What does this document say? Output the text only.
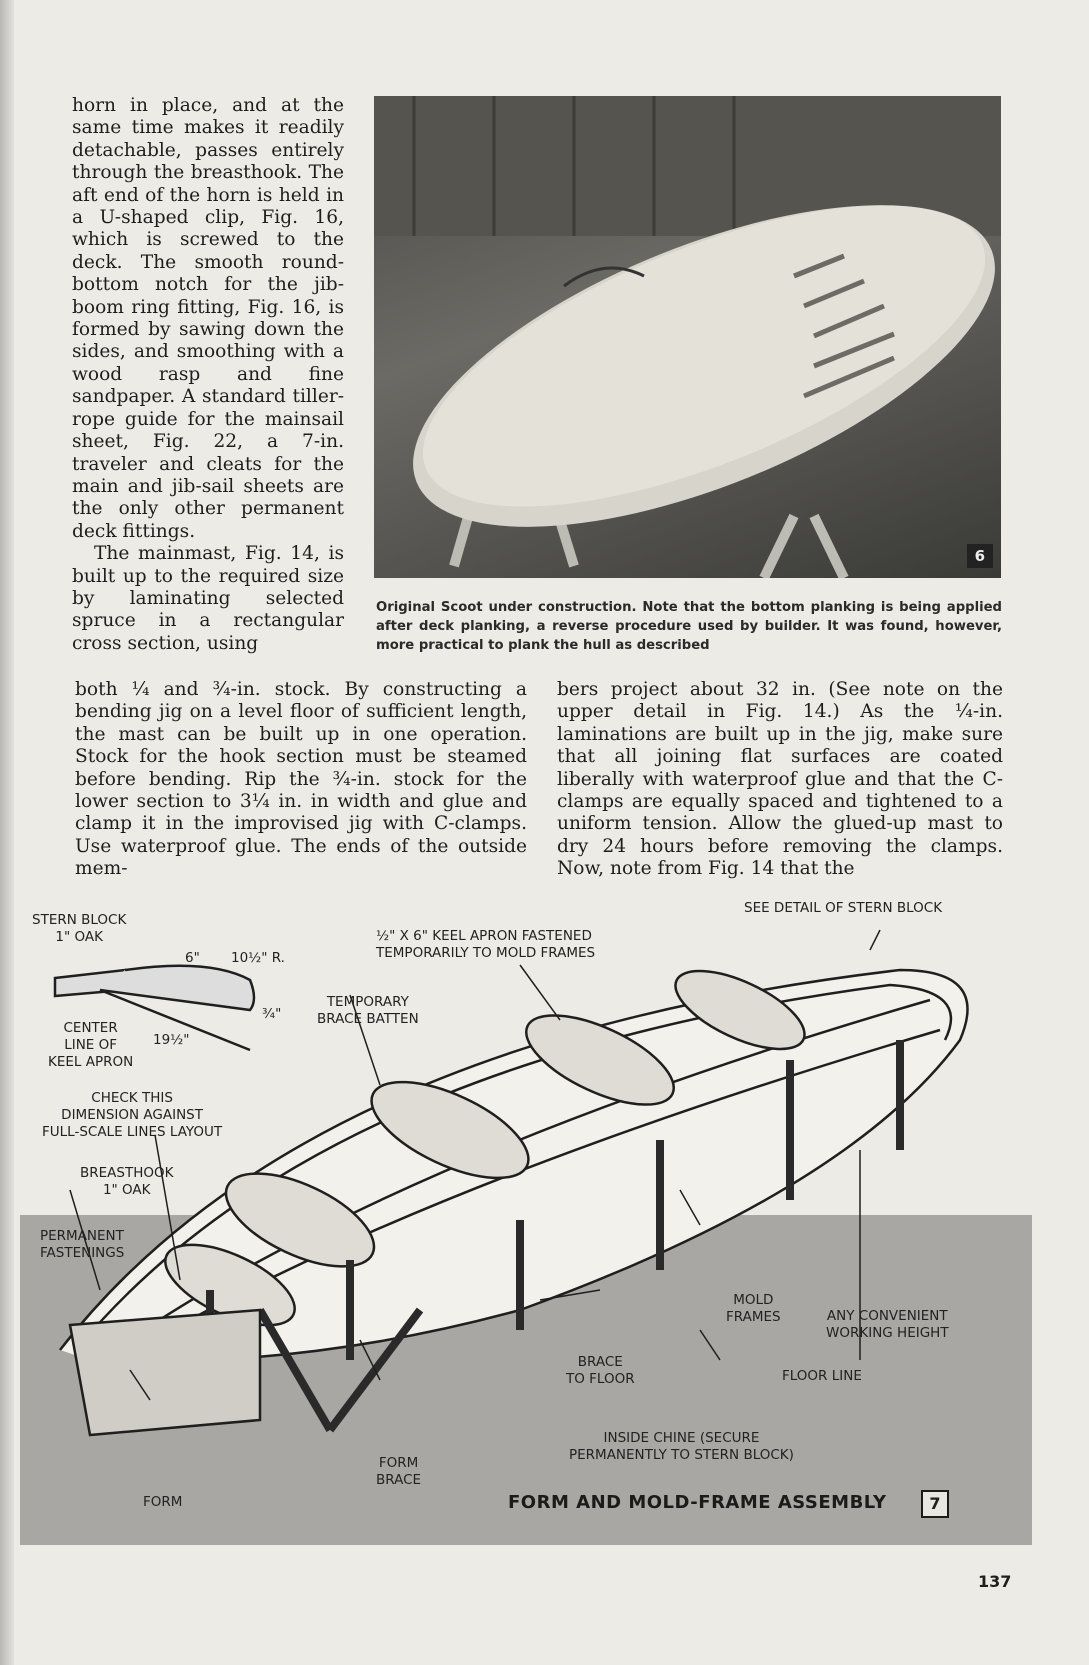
horn in place, and at the same time makes it readily detachable, passes entirely through the breasthook. The aft end of the horn is held in a U-shaped clip, Fig. 16, which is screwed to the deck. The smooth round-bottom notch for the jib-boom ring fitting, Fig. 16, is formed by sawing down the sides, and smoothing with a wood rasp and fine sandpaper. A standard tiller-rope guide for the mainsail sheet, Fig. 22, a 7-in. traveler and cleats for the main and jib-sail sheets are the only other permanent deck fittings.

The mainmast, Fig. 14, is built up to the required size by laminating selected spruce in a rectangular cross section, using

6

Original Scoot under construction. Note that the bottom planking is being applied after deck planking, a reverse procedure used by builder. It was found, however, more practical to plank the hull as described

both ¼ and ¾-in. stock. By constructing a bending jig on a level floor of sufficient length, the mast can be built up in one operation. Stock for the hook section must be steamed before bending. Rip the ¾-in. stock for the lower section to 3¼ in. in width and glue and clamp it in the improvised jig with C-clamps. Use waterproof glue. The ends of the outside mem-

bers project about 32 in. (See note on the upper detail in Fig. 14.) As the ¼-in. laminations are built up in the jig, make sure that all joining flat surfaces are coated liberally with waterproof glue and that the C-clamps are equally spaced and tightened to a uniform tension. Allow the glued-up mast to dry 24 hours before removing the clamps. Now, note from Fig. 14 that the

STERN BLOCK
1" OAK
6" 10½" R.
¾"
19½"
CENTER
LINE OF
KEEL APRON
CHECK THIS
DIMENSION AGAINST
FULL-SCALE LINES LAYOUT
BREASTHOOK
1" OAK
PERMANENT
FASTENINGS
½" X 6" KEEL APRON FASTENED
TEMPORARILY TO MOLD FRAMES
TEMPORARY
BRACE BATTEN
SEE DETAIL OF STERN BLOCK
MOLD
FRAMES	ANY CONVENIENT
WORKING HEIGHT
BRACE
TO FLOOR	FLOOR LINE
INSIDE CHINE (SECURE
PERMANENTLY TO STERN BLOCK)
FORM
BRACE
FORM	FORM AND MOLD-FRAME ASSEMBLY	7
137
